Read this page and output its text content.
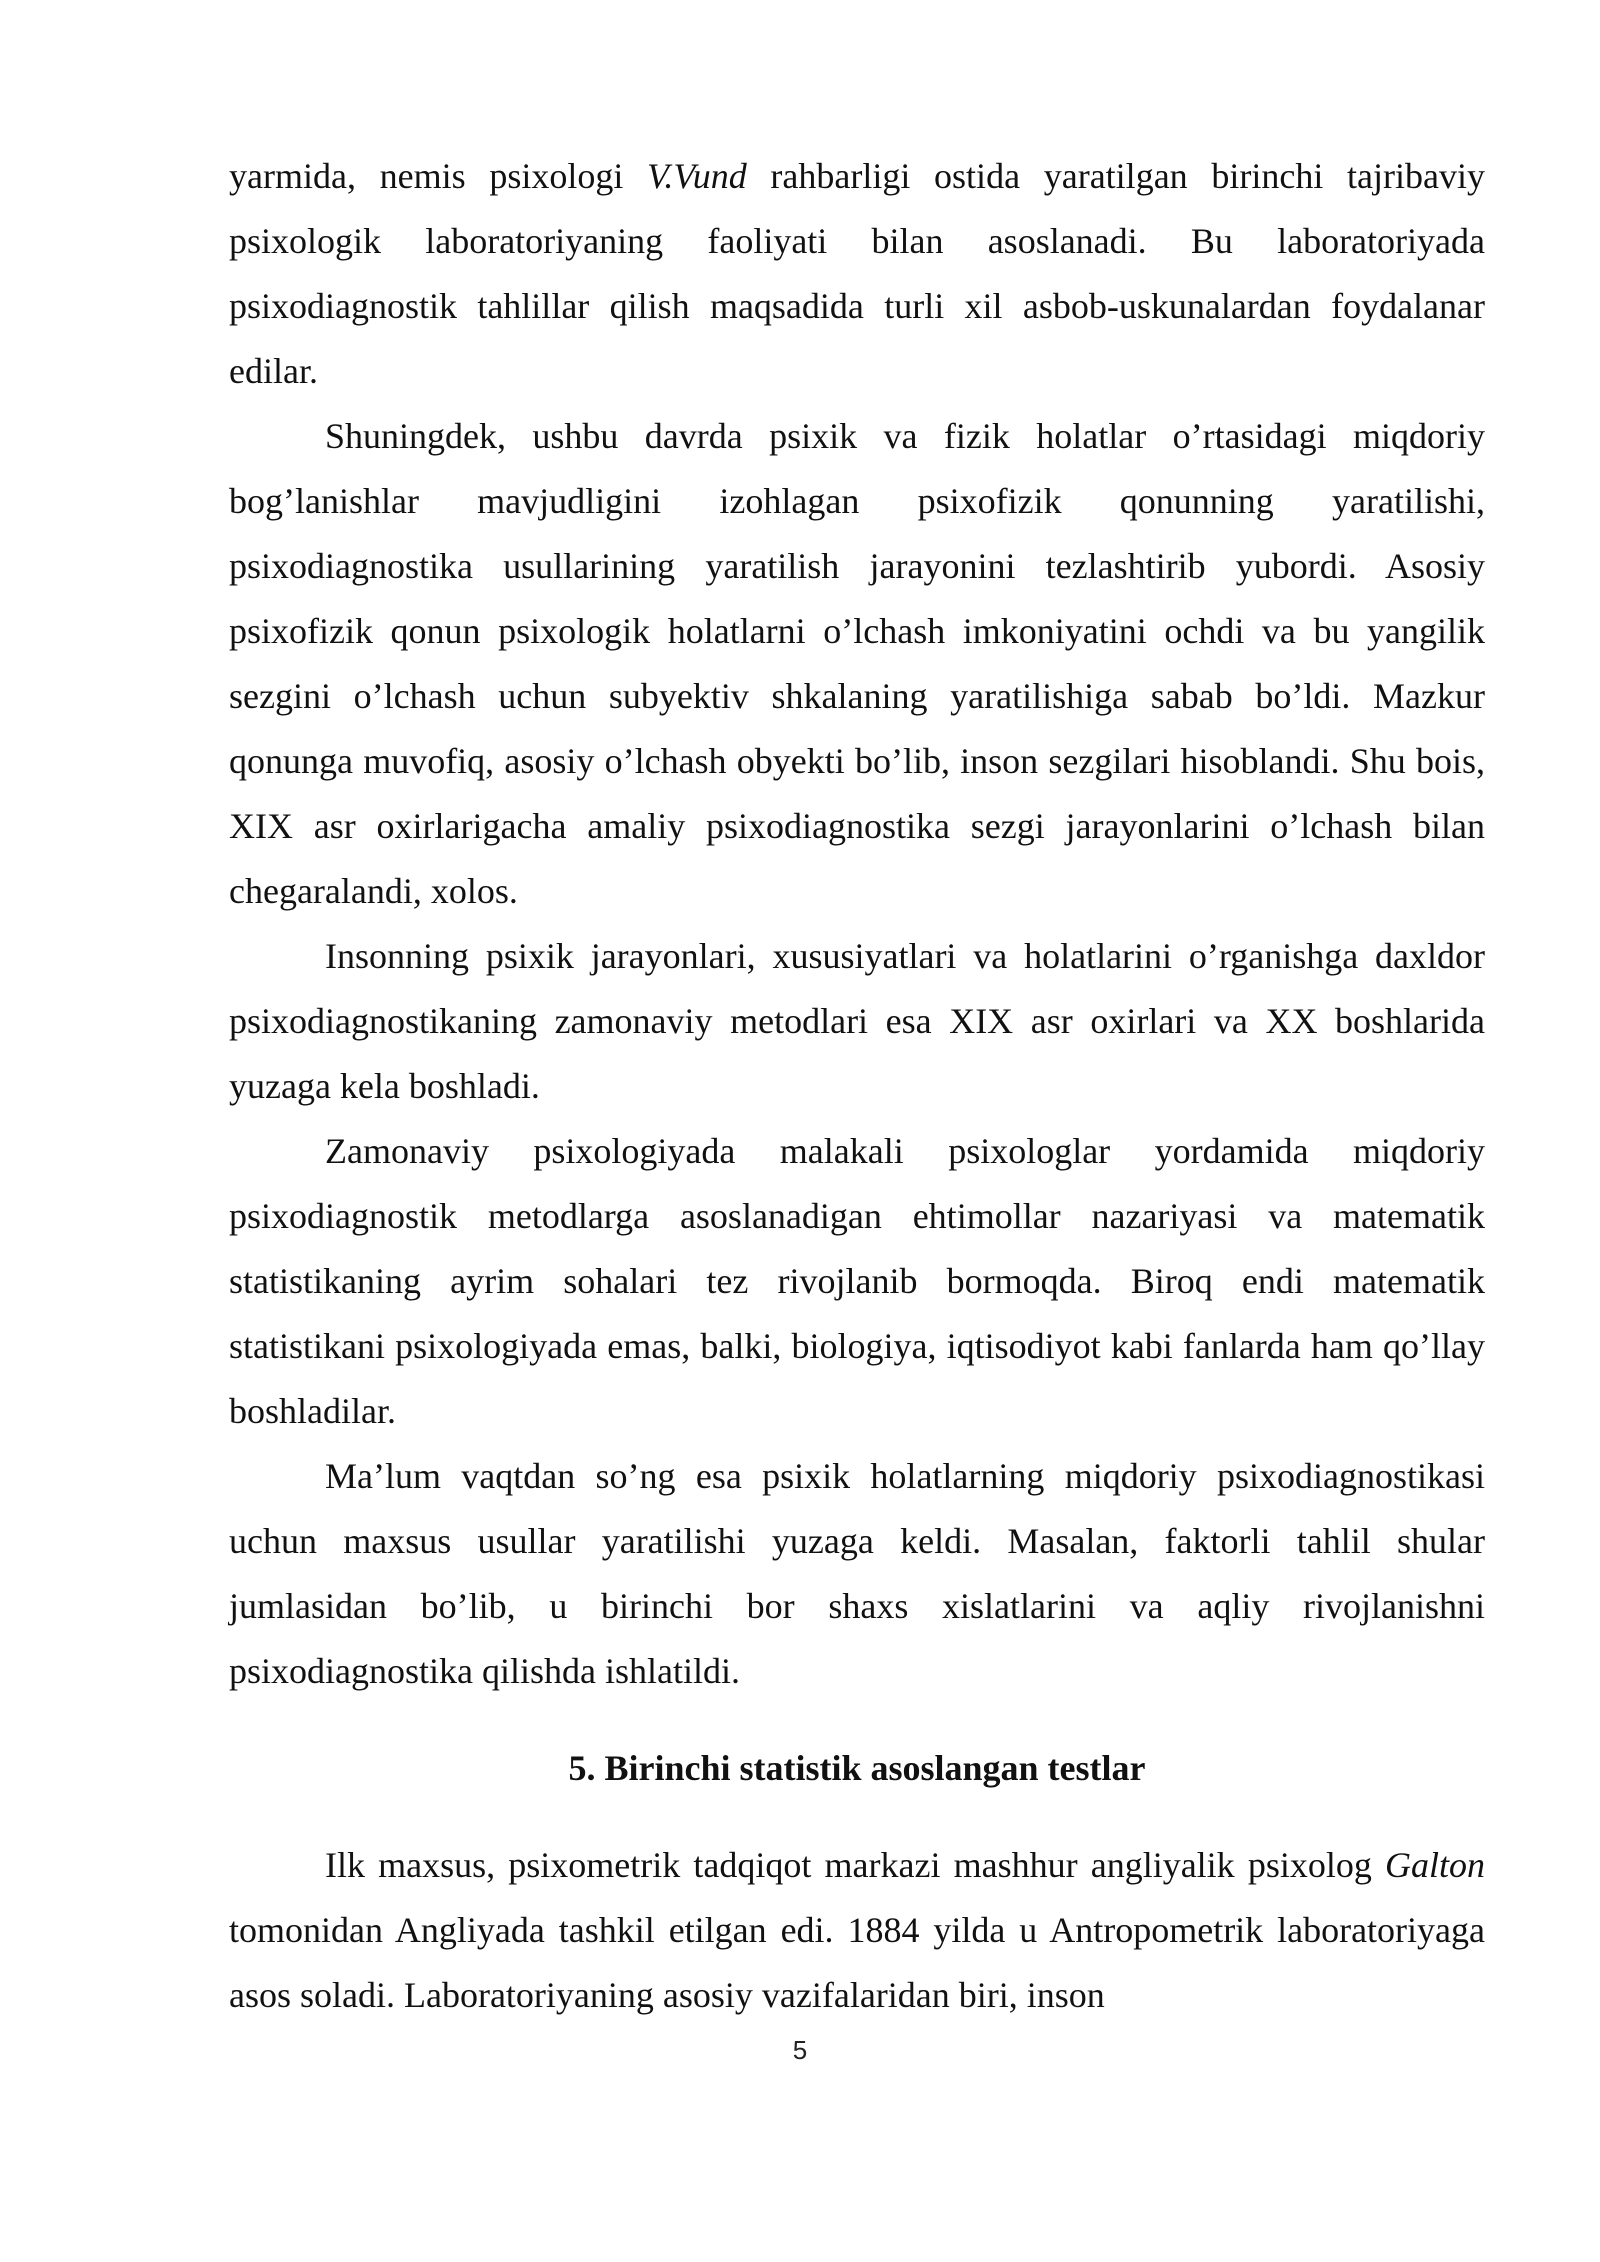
yarmida, nemis psixologi V.Vund rahbarligi ostida yaratilgan birinchi tajribaviy psixologik laboratoriyaning faoliyati bilan asoslanadi. Bu laboratoriyada psixodiagnostik tahlillar qilish maqsadida turli xil asbob-uskunalardan foydalanar edilar.

Shuningdek, ushbu davrda psixik va fizik holatlar o’rtasidagi miqdoriy bog’lanishlar mavjudligini izohlagan psixofizik qonunning yaratilishi, psixodiagnostika usullarining yaratilish jarayonini tezlashtirib yubordi. Asosiy psixofizik qonun psixologik holatlarni o’lchash imkoniyatini ochdi va bu yangilik sezgini o’lchash uchun subyektiv shkalaning yaratilishiga sabab bo’ldi. Mazkur qonunga muvofiq, asosiy o’lchash obyekti bo’lib, inson sezgilari hisoblandi. Shu bois, XIX asr oxirlarigacha amaliy psixodiagnostika sezgi jarayonlarini o’lchash bilan chegaralandi, xolos.

Insonning psixik jarayonlari, xususiyatlari va holatlarini o’rganishga daxldor psixodiagnostikaning zamonaviy metodlari esa XIX asr oxirlari va XX boshlarida yuzaga kela boshladi.

Zamonaviy psixologiyada malakali psixologlar yordamida miqdoriy psixodiagnostik metodlarga asoslanadigan ehtimollar nazariyasi va matematik statistikaning ayrim sohalari tez rivojlanib bormoqda. Biroq endi matematik statistikani psixologiyada emas, balki, biologiya, iqtisodiyot kabi fanlarda ham qo’llay boshladilar.

Ma’lum vaqtdan so’ng esa psixik holatlarning miqdoriy psixodiagnostikasi uchun maxsus usullar yaratilishi yuzaga keldi. Masalan, faktorli tahlil shular jumlasidan bo’lib, u birinchi bor shaxs xislatlarini va aqliy rivojlanishni psixodiagnostika qilishda ishlatildi.

5. Birinchi statistik asoslangan testlar

Ilk maxsus, psixometrik tadqiqot markazi mashhur angliyalik psixolog Galton tomonidan Angliyada tashkil etilgan edi. 1884 yilda u Antropometrik laboratoriyaga asos soladi. Laboratoriyaning asosiy vazifalaridan biri, inson

5
